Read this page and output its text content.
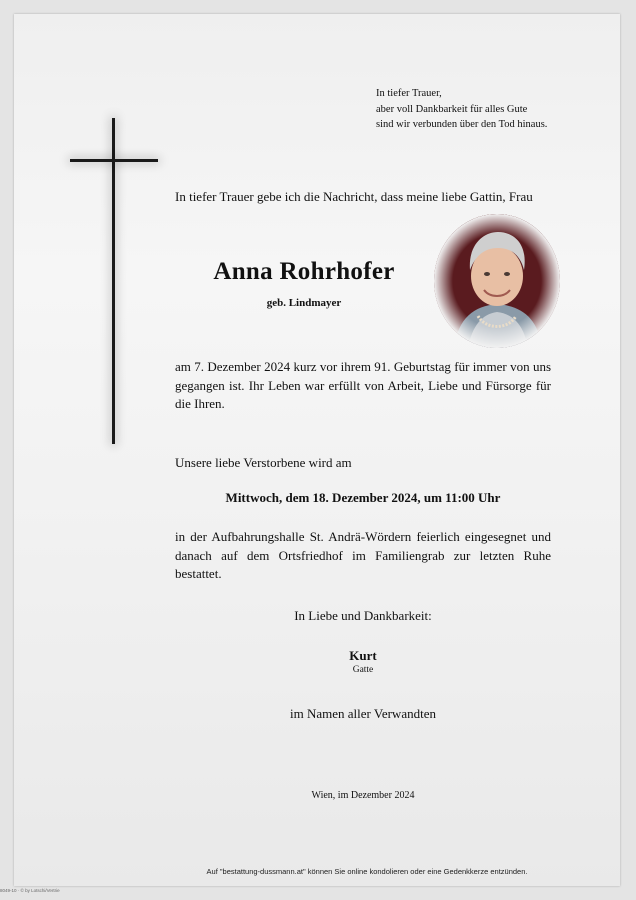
In tiefer Trauer,
aber voll Dankbarkeit für alles Gute
sind wir verbunden über den Tod hinaus.
In tiefer Trauer gebe ich die Nachricht, dass meine liebe Gattin, Frau
Anna Rohrhofer
geb. Lindmayer
am 7. Dezember 2024 kurz vor ihrem 91. Geburtstag für immer von uns gegangen ist. Ihr Leben war erfüllt von Arbeit, Liebe und Fürsorge für die Ihren.
Unsere liebe Verstorbene wird am
Mittwoch, dem 18. Dezember 2024, um 11:00 Uhr
in der Aufbahrungshalle St. Andrä-Wördern feierlich eingesegnet und danach auf dem Ortsfriedhof im Familiengrab zur letzten Ruhe bestattet.
In Liebe und Dankbarkeit:
Kurt
Gatte
im Namen aller Verwandten
Wien, im Dezember 2024
Auf "bestattung-dussmann.at" können Sie online kondolieren oder eine Gedenkkerze entzünden.
8049-10 · © by Lotschi/Vertrie
